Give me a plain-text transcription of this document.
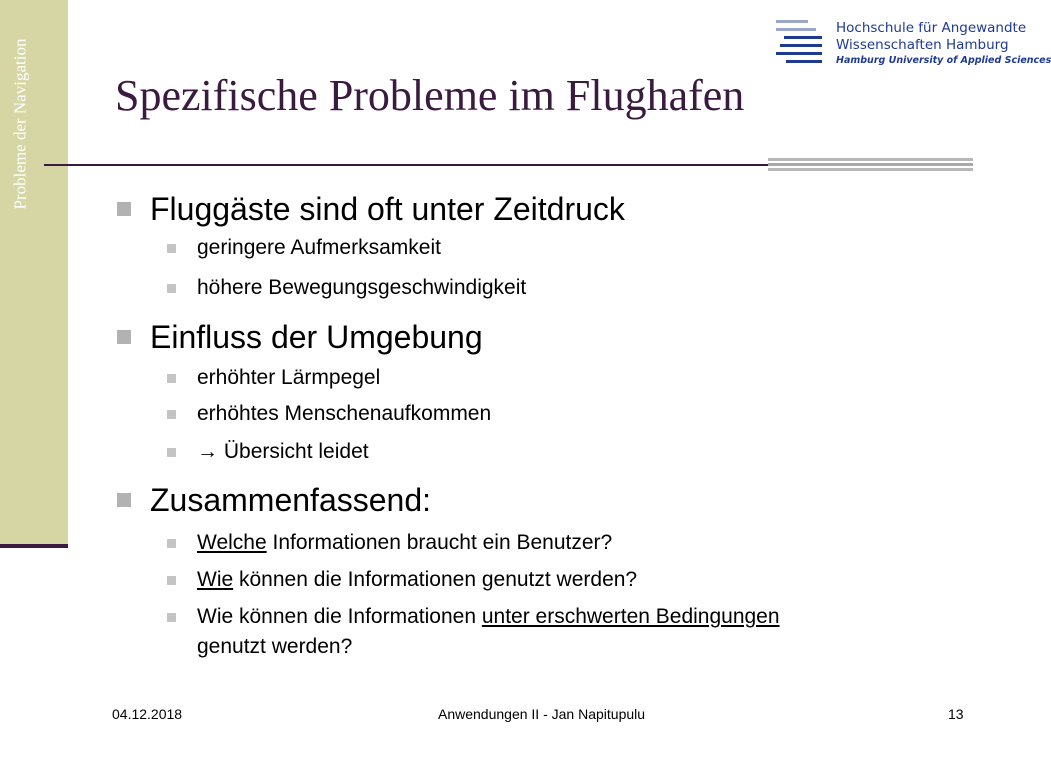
Probleme der Navigation
Hochschule für Angewandte
Wissenschaften Hamburg
Hamburg University of Applied Sciences
Spezifische Probleme im Flughafen
Fluggäste sind oft unter Zeitdruck
geringere Aufmerksamkeit
höhere Bewegungsgeschwindigkeit
Einfluss der Umgebung
erhöhter Lärmpegel
erhöhtes Menschenaufkommen
→ Übersicht leidet
Zusammenfassend:
Welche Informationen braucht ein Benutzer?
Wie können die Informationen genutzt werden?
Wie können die Informationen unter erschwerten Bedingungen
genutzt werden?
04.12.2018	Anwendungen II - Jan Napitupulu	13
